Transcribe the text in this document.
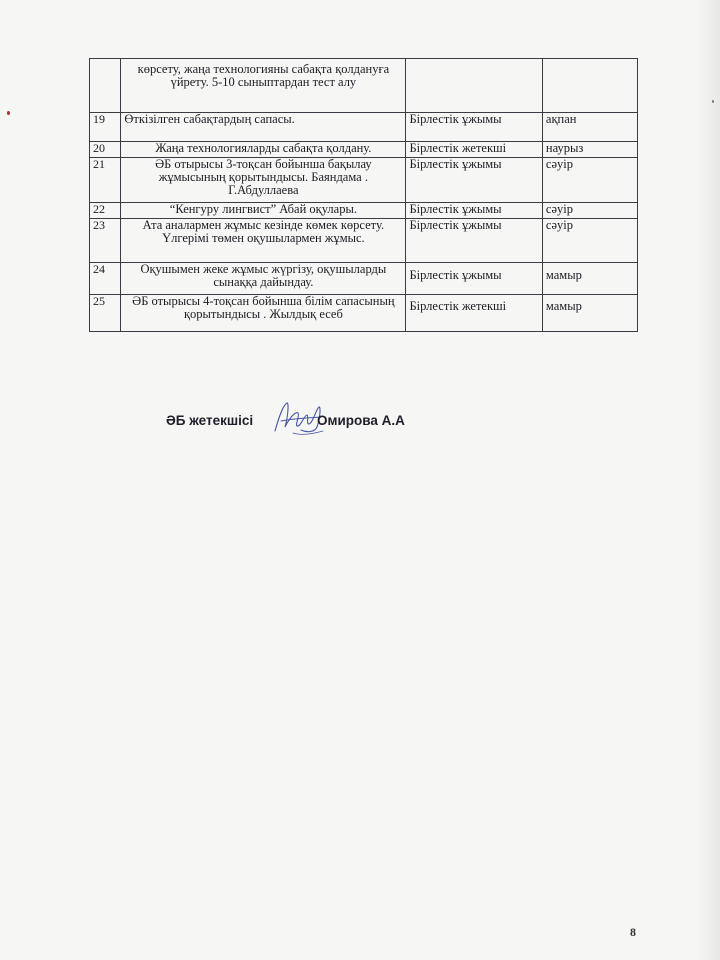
	көрсету, жаңа технологияны сабақта қолдануға үйрету. 5-10 сыныптардан тест алу		
19	Өткізілген сабақтардың сапасы.	Бірлестік ұжымы	ақпан
20	Жаңа технологияларды сабақта қолдану.	Бірлестік жетекші	наурыз
21	ӘБ отырысы 3-тоқсан бойынша бақылау жұмысының қорытындысы. Баяндама . Г.Абдуллаева	Бірлестік ұжымы	сәуір
22	“Кенгуру лингвист” Абай оқулары.	Бірлестік ұжымы	сәуір
23	Ата аналармен жұмыс кезінде көмек көрсету. Үлгерімі төмен оқушылармен жұмыс.	Бірлестік ұжымы	сәуір
24	Оқушымен жеке жұмыс жүргізу, оқушыларды сынаққа дайындау.	Бірлестік ұжымы	мамыр
25	ӘБ отырысы 4-тоқсан бойынша білім сапасының қорытындысы . Жылдық есеб	Бірлестік жетекші	мамыр
ӘБ жетекшісі	Омирова А.А
8
